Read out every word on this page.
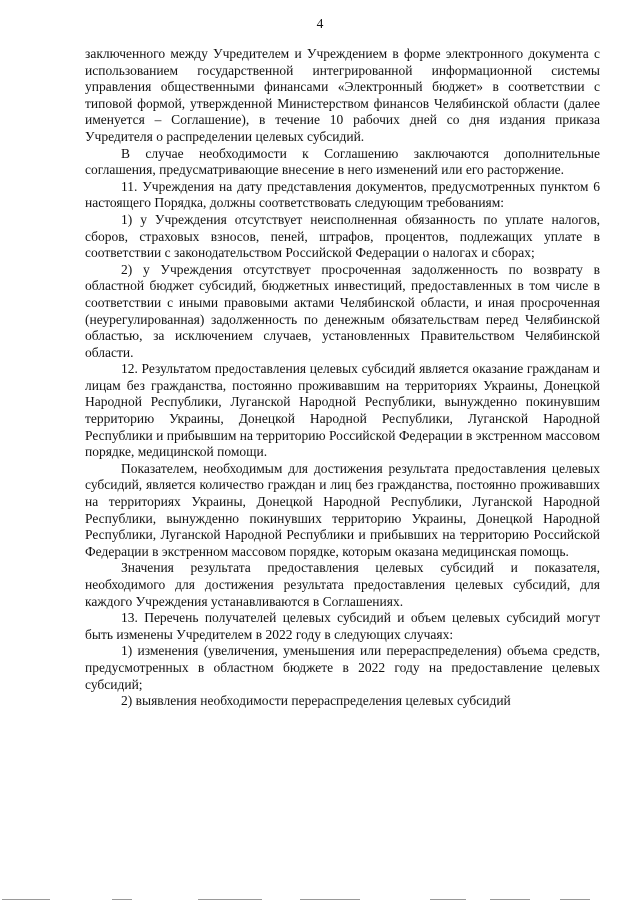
4

заключенного между Учредителем и Учреждением в форме электронного документа с использованием государственной интегрированной информационной системы управления общественными финансами «Электронный бюджет» в соответствии с типовой формой, утвержденной Министерством финансов Челябинской области (далее именуется – Соглашение), в течение 10 рабочих дней со дня издания приказа Учредителя о распределении целевых субсидий.

В случае необходимости к Соглашению заключаются дополнительные соглашения, предусматривающие внесение в него изменений или его расторжение.

11. Учреждения на дату представления документов, предусмотренных пунктом 6 настоящего Порядка, должны соответствовать следующим требованиям:

1) у Учреждения отсутствует неисполненная обязанность по уплате налогов, сборов, страховых взносов, пеней, штрафов, процентов, подлежащих уплате в соответствии с законодательством Российской Федерации о налогах и сборах;

2) у Учреждения отсутствует просроченная задолженность по возврату в областной бюджет субсидий, бюджетных инвестиций, предоставленных в том числе в соответствии с иными правовыми актами Челябинской области, и иная просроченная (неурегулированная) задолженность по денежным обязательствам перед Челябинской областью, за исключением случаев, установленных Правительством Челябинской области.

12. Результатом предоставления целевых субсидий является оказание гражданам и лицам без гражданства, постоянно проживавшим на территориях Украины, Донецкой Народной Республики, Луганской Народной Республики, вынужденно покинувшим территорию Украины, Донецкой Народной Республики, Луганской Народной Республики и прибывшим на территорию Российской Федерации в экстренном массовом порядке, медицинской помощи.

Показателем, необходимым для достижения результата предоставления целевых субсидий, является количество граждан и лиц без гражданства, постоянно проживавших на территориях Украины, Донецкой Народной Республики, Луганской Народной Республики, вынужденно покинувших территорию Украины, Донецкой Народной Республики, Луганской Народной Республики и прибывших на территорию Российской Федерации в экстренном массовом порядке, которым оказана медицинская помощь.

Значения результата предоставления целевых субсидий и показателя, необходимого для достижения результата предоставления целевых субсидий, для каждого Учреждения устанавливаются в Соглашениях.

13. Перечень получателей целевых субсидий и объем целевых субсидий могут быть изменены Учредителем в 2022 году в следующих случаях:

1) изменения (увеличения, уменьшения или перераспределения) объема средств, предусмотренных в областном бюджете в 2022 году на предоставление целевых субсидий;

2) выявления необходимости перераспределения целевых субсидий
